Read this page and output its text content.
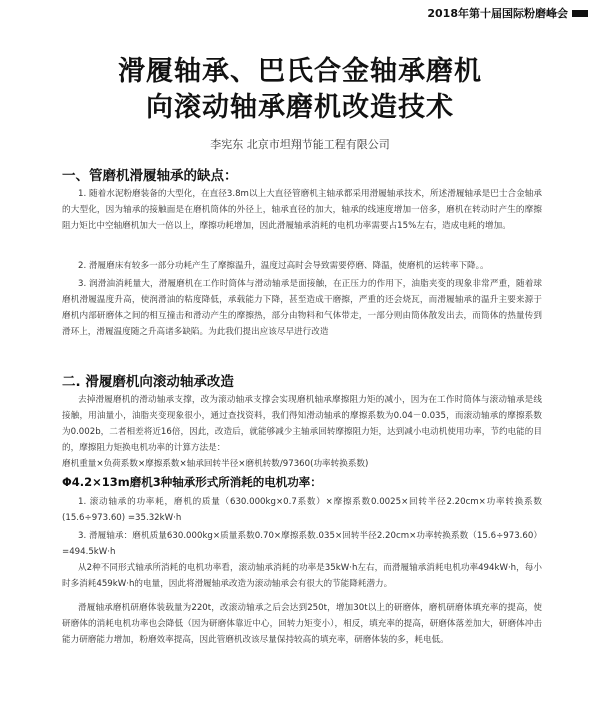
2018年第十届国际粉磨峰会
滑履轴承、巴氏合金轴承磨机
向滚动轴承磨机改造技术
李宪东 北京市坦翔节能工程有限公司
一、管磨机滑履轴承的缺点：

1. 随着水泥粉磨装备的大型化，在直径3.8m以上大直径管磨机主轴承都采用滑履轴承技术，所述滑履轴承是巴士合金轴承的大型化，因为轴承的接触面是在磨机筒体的外径上，轴承直径的加大，轴承的线速度增加一倍多，磨机在转动时产生的摩擦阻力矩比中空轴磨机加大一倍以上，摩擦功耗增加，因此滑履轴承消耗的电机功率需要占15%左右，造成电耗的增加。

2. 滑履磨床有较多一部分功耗产生了摩擦温升，温度过高时会导致需要停磨、降温，使磨机的运转率下降。。

3. 润滑油消耗量大，滑履磨机在工作时筒体与滑动轴承是面接触，在正压力的作用下，油脂夹变的现象非常严重，随着球磨机滑履温度升高，使润滑油的粘度降低，承载能力下降，甚至造成干磨擦，严重的还会烧瓦，而滑履轴承的温升主要来源于磨机内部研磨体之间的相互撞击和滑动产生的摩擦热，部分由物料和气体带走，一部分则由筒体散发出去，而筒体的热量传到滑环上，滑履温度随之升高诸多缺陷。为此我们提出应该尽早进行改造

二. 滑履磨机向滚动轴承改造

去掉滑履磨机的滑动轴承支撑，改为滚动轴承支撑会实现磨机轴承摩擦阻力矩的减小，因为在工作时筒体与滚动轴承是线接触，用油量小，油脂夹变现象很小，通过查找资料，我们得知滑动轴承的摩擦系数为0.04－0.035，而滚动轴承的摩擦系数为0.002b，二者相差将近16倍，因此，改造后，就能够减少主轴承回转摩擦阻力矩，达到减小电动机使用功率，节约电能的目的，摩擦阻力矩换电机功率的计算方法是：

磨机重量×负荷系数×摩擦系数×轴承回转半径×磨机转数/97360(功率转换系数)

Φ4.2×13m磨机3种轴承形式所消耗的电机功率：

1. 滚动轴承的功率耗，磨机的质量（630.000kg×0.7系数）×摩擦系数0.0025×回转半径2.20cm×功率转换系数(15.6÷973.60) =35.32kW·h

3. 滑履轴承：磨机质量630.000kg×质量系数0.70×摩擦系数.035×回转半径2.20cm×功率转换系数（15.6÷973.60）=494.5kW·h

从2种不同形式轴承所消耗的电机功率看，滚动轴承消耗的功率是35kW·h左右，而滑履轴承消耗电机功率494kW·h，每小时多消耗459kW·h的电量，因此将滑履轴承改造为滚动轴承会有很大的节能降耗潜力。

滑履轴承磨机研磨体装载量为220t，改滚动轴承之后会达到250t，增加30t以上的研磨体，磨机研磨体填充率的提高，使研磨体的消耗电机功率也会降低（因为研磨体靠近中心，回转力矩变小），相反，填充率的提高，研磨体落差加大，研磨体冲击能力研磨能力增加，粉磨效率提高，因此管磨机改该尽量保持较高的填充率，研磨体装的多，耗电低。
